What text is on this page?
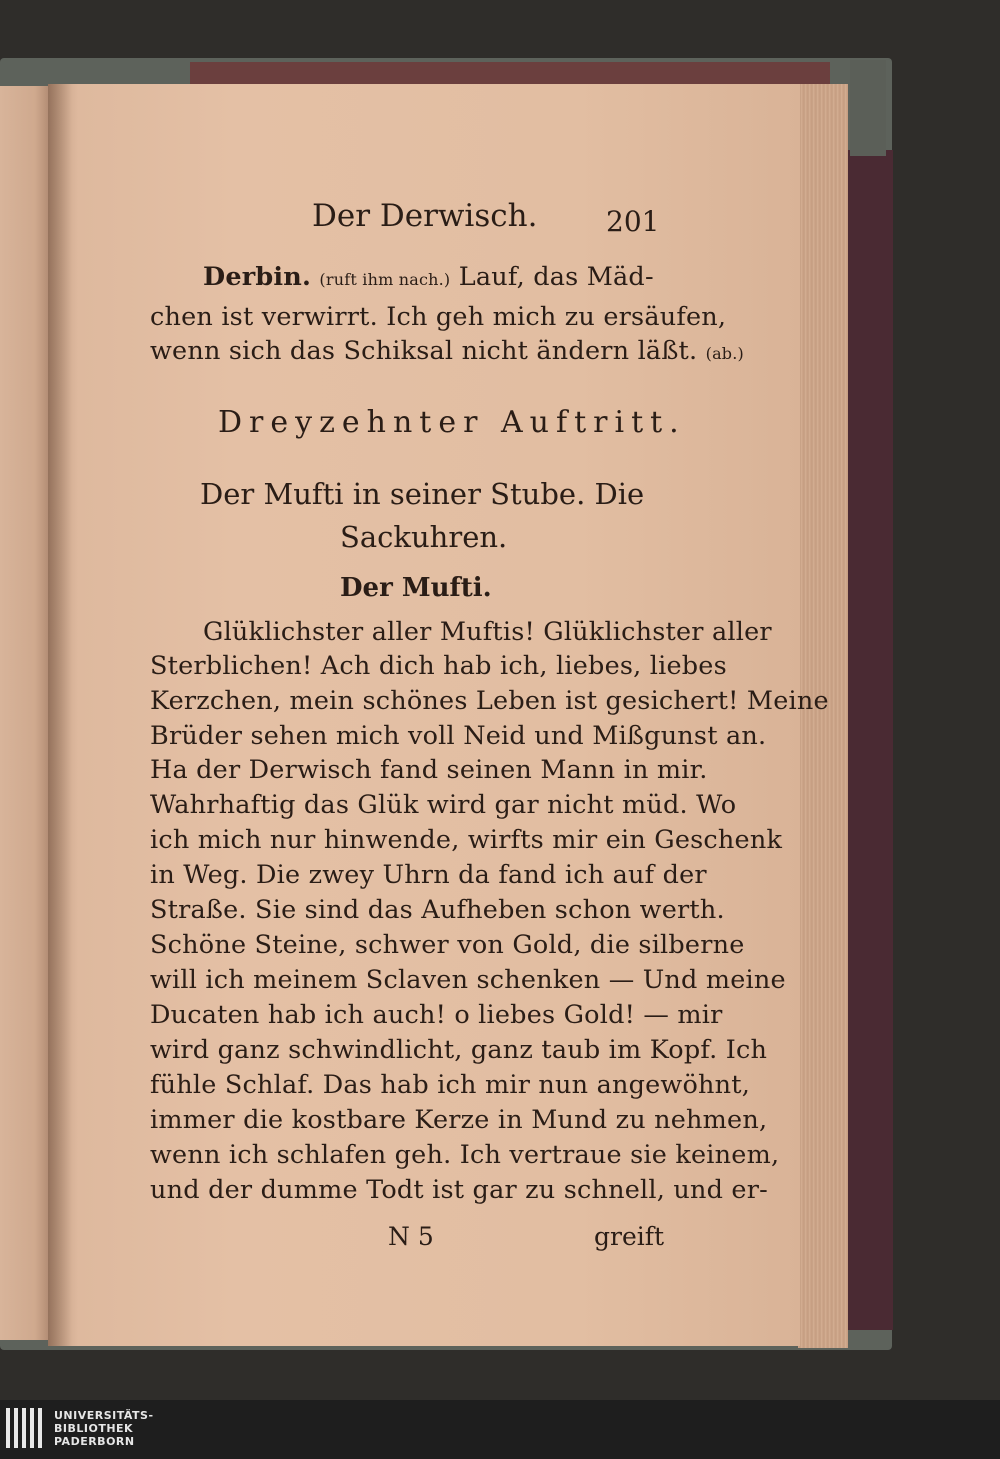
Der Derwisch. 201
Derbin. (ruft ihm nach.) Lauf, das Mäd-
chen ist verwirrt. Ich geh mich zu ersäufen,
wenn sich das Schiksal nicht ändern läßt. (ab.)
Dreyzehnter Auftritt.
Der Mufti in seiner Stube. Die
Sackuhren.
Der Mufti.
Glüklichster aller Muftis! Glüklichster aller
Sterblichen! Ach dich hab ich, liebes, liebes
Kerzchen, mein schönes Leben ist gesichert! Meine
Brüder sehen mich voll Neid und Mißgunst an.
Ha der Derwisch fand seinen Mann in mir.
Wahrhaftig das Glük wird gar nicht müd. Wo
ich mich nur hinwende, wirfts mir ein Geschenk
in Weg. Die zwey Uhrn da fand ich auf der
Straße. Sie sind das Aufheben schon werth.
Schöne Steine, schwer von Gold, die silberne
will ich meinem Sclaven schenken — Und meine
Ducaten hab ich auch! o liebes Gold! — mir
wird ganz schwindlicht, ganz taub im Kopf. Ich
fühle Schlaf. Das hab ich mir nun angewöhnt,
immer die kostbare Kerze in Mund zu nehmen,
wenn ich schlafen geh. Ich vertraue sie keinem,
und der dumme Todt ist gar zu schnell, und er-
N 5	greift
UNIVERSITÄTS-
BIBLIOTHEK
PADERBORN
